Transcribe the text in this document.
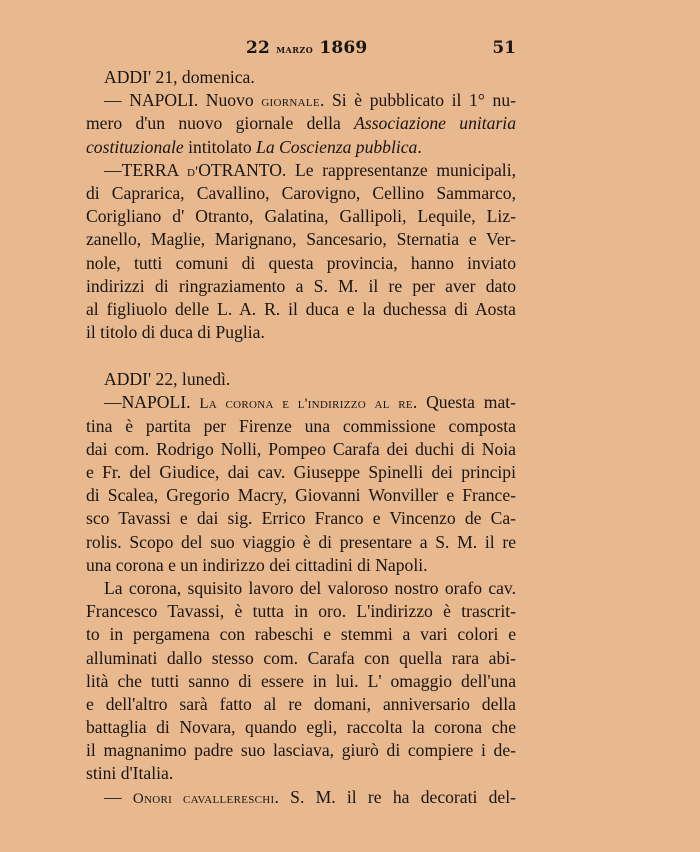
22 marzo 1869	51
ADDI' 21, domenica.
— NAPOLI. Nuovo giornale. Si è pubblicato il 1° nu-
mero d'un nuovo giornale della Associazione unitaria
costituzionale intitolato La Coscienza pubblica.
—TERRA d'OTRANTO. Le rappresentanze municipali,
di Caprarica, Cavallino, Carovigno, Cellino Sammarco,
Corigliano d' Otranto, Galatina, Gallipoli, Lequile, Liz-
zanello, Maglie, Marignano, Sancesario, Sternatia e Ver-
nole, tutti comuni di questa provincia, hanno inviato
indirizzi di ringraziamento a S. M. il re per aver dato
al figliuolo delle L. A. R. il duca e la duchessa di Aosta
il titolo di duca di Puglia.
ADDI' 22, lunedì.
—NAPOLI. La corona e l'indirizzo al re. Questa mat-
tina è partita per Firenze una commissione composta
dai com. Rodrigo Nolli, Pompeo Carafa dei duchi di Noia
e Fr. del Giudice, dai cav. Giuseppe Spinelli dei principi
di Scalea, Gregorio Macry, Giovanni Wonviller e France-
sco Tavassi e dai sig. Errico Franco e Vincenzo de Ca-
rolis. Scopo del suo viaggio è di presentare a S. M. il re
una corona e un indirizzo dei cittadini di Napoli.
La corona, squisito lavoro del valoroso nostro orafo cav.
Francesco Tavassi, è tutta in oro. L'indirizzo è trascrit-
to in pergamena con rabeschi e stemmi a vari colori e
alluminati dallo stesso com. Carafa con quella rara abi-
lità che tutti sanno di essere in lui. L' omaggio dell'una
e dell'altro sarà fatto al re domani, anniversario della
battaglia di Novara, quando egli, raccolta la corona che
il magnanimo padre suo lasciava, giurò di compiere i de-
stini d'Italia.
— Onori cavallereschi. S. M. il re ha decorati del-
